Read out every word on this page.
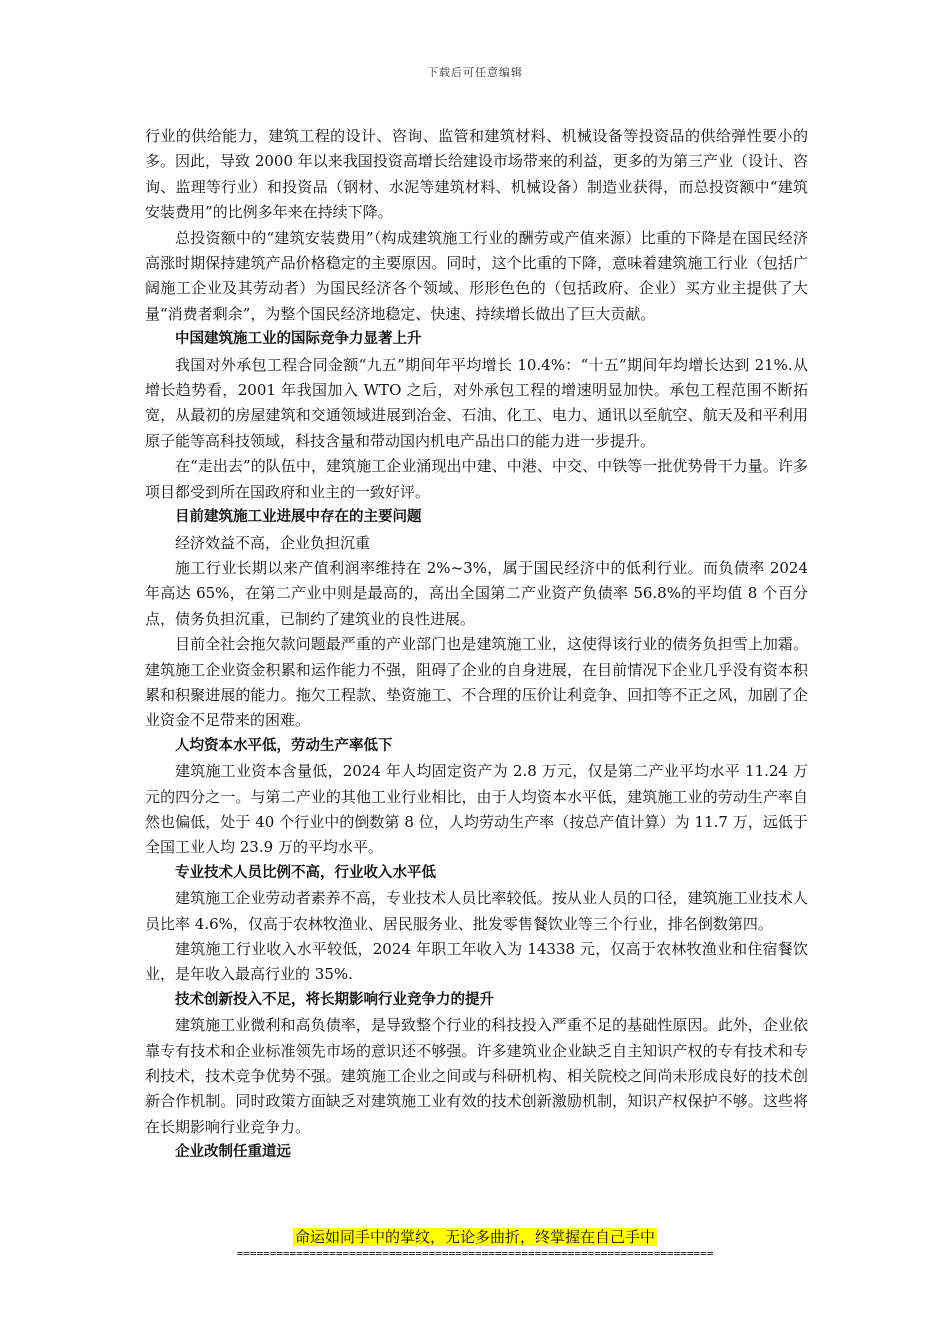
下载后可任意编辑

行业的供给能力，建筑工程的设计、咨询、监管和建筑材料、机械设备等投资品的供给弹性要小的多。因此，导致 2000 年以来我国投资高增长给建设市场带来的利益，更多的为第三产业（设计、咨询、监理等行业）和投资品（钢材、水泥等建筑材料、机械设备）制造业获得，而总投资额中“建筑安装费用”的比例多年来在持续下降。

总投资额中的“建筑安装费用”（构成建筑施工行业的酬劳或产值来源）比重的下降是在国民经济高涨时期保持建筑产品价格稳定的主要原因。同时，这个比重的下降，意味着建筑施工行业（包括广阔施工企业及其劳动者）为国民经济各个领域、形形色色的（包括政府、企业）买方业主提供了大量“消费者剩余”，为整个国民经济地稳定、快速、持续增长做出了巨大贡献。

中国建筑施工业的国际竞争力显著上升

我国对外承包工程合同金额“九五”期间年平均增长 10.4%：“十五”期间年均增长达到 21%.从增长趋势看，2001 年我国加入 WTO 之后，对外承包工程的增速明显加快。承包工程范围不断拓宽，从最初的房屋建筑和交通领域进展到冶金、石油、化工、电力、通讯以至航空、航天及和平利用原子能等高科技领域，科技含量和带动国内机电产品出口的能力进一步提升。

在“走出去”的队伍中，建筑施工企业涌现出中建、中港、中交、中铁等一批优势骨干力量。许多项目都受到所在国政府和业主的一致好评。

目前建筑施工业进展中存在的主要问题

经济效益不高，企业负担沉重

施工行业长期以来产值利润率维持在 2%~3%，属于国民经济中的低利行业。而负债率 2024 年高达 65%，在第二产业中则是最高的，高出全国第二产业资产负债率 56.8%的平均值 8 个百分点，债务负担沉重，已制约了建筑业的良性进展。

目前全社会拖欠款问题最严重的产业部门也是建筑施工业，这使得该行业的债务负担雪上加霜。建筑施工企业资金积累和运作能力不强，阻碍了企业的自身进展，在目前情况下企业几乎没有资本积累和积聚进展的能力。拖欠工程款、垫资施工、不合理的压价让利竞争、回扣等不正之风，加剧了企业资金不足带来的困难。

人均资本水平低，劳动生产率低下

建筑施工业资本含量低，2024 年人均固定资产为 2.8 万元，仅是第二产业平均水平 11.24 万元的四分之一。与第二产业的其他工业行业相比，由于人均资本水平低，建筑施工业的劳动生产率自然也偏低，处于 40 个行业中的倒数第 8 位，人均劳动生产率（按总产值计算）为 11.7 万，远低于全国工业人均 23.9 万的平均水平。

专业技术人员比例不高，行业收入水平低

建筑施工企业劳动者素养不高，专业技术人员比率较低。按从业人员的口径，建筑施工业技术人员比率 4.6%，仅高于农林牧渔业、居民服务业、批发零售餐饮业等三个行业，排名倒数第四。

建筑施工行业收入水平较低，2024 年职工年收入为 14338 元，仅高于农林牧渔业和住宿餐饮业，是年收入最高行业的 35%.

技术创新投入不足，将长期影响行业竞争力的提升

建筑施工业微利和高负债率，是导致整个行业的科技投入严重不足的基础性原因。此外，企业依靠专有技术和企业标准领先市场的意识还不够强。许多建筑业企业缺乏自主知识产权的专有技术和专利技术，技术竞争优势不强。建筑施工企业之间或与科研机构、相关院校之间尚未形成良好的技术创新合作机制。同时政策方面缺乏对建筑施工业有效的技术创新激励机制，知识产权保护不够。这些将在长期影响行业竞争力。

企业改制任重道远

命运如同手中的掌纹，无论多曲折，终掌握在自己手中
========================================================================
